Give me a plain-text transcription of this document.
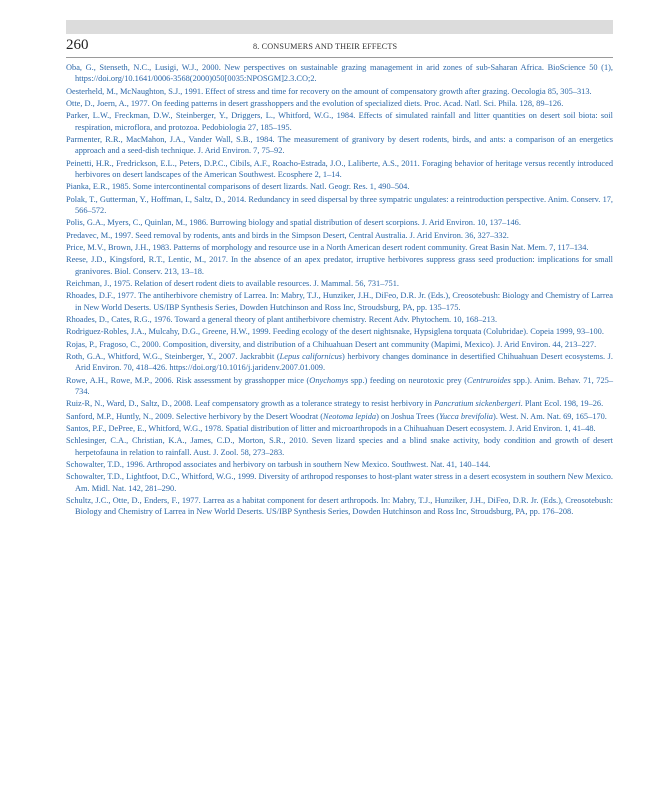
260	8. CONSUMERS AND THEIR EFFECTS

Oba, G., Stenseth, N.C., Lusigi, W.J., 2000. New perspectives on sustainable grazing management in arid zones of sub-Saharan Africa. BioScience 50 (1), https://doi.org/10.1641/0006-3568(2000)050[0035:NPOSGM]2.3.CO;2.

Oesterheld, M., McNaughton, S.J., 1991. Effect of stress and time for recovery on the amount of compensatory growth after grazing. Oecologia 85, 305–313.

Otte, D., Joern, A., 1977. On feeding patterns in desert grasshoppers and the evolution of specialized diets. Proc. Acad. Natl. Sci. Phila. 128, 89–126.

Parker, L.W., Freckman, D.W., Steinberger, Y., Driggers, L., Whitford, W.G., 1984. Effects of simulated rainfall and litter quantities on desert soil biota: soil respiration, microflora, and protozoa. Pedobiologia 27, 185–195.

Parmenter, R.R., MacMahon, J.A., Vander Wall, S.B., 1984. The measurement of granivory by desert rodents, birds, and ants: a comparison of an energetics approach and a seed-dish technique. J. Arid Environ. 7, 75–92.

Peinetti, H.R., Fredrickson, E.L., Peters, D.P.C., Cibils, A.F., Roacho-Estrada, J.O., Laliberte, A.S., 2011. Foraging behavior of heritage versus recently introduced herbivores on desert landscapes of the American Southwest. Ecosphere 2, 1–14.

Pianka, E.R., 1985. Some intercontinental comparisons of desert lizards. Natl. Geogr. Res. 1, 490–504.

Polak, T., Gutterman, Y., Hoffman, I., Saltz, D., 2014. Redundancy in seed dispersal by three sympatric ungulates: a reintroduction perspective. Anim. Conserv. 17, 566–572.

Polis, G.A., Myers, C., Quinlan, M., 1986. Burrowing biology and spatial distribution of desert scorpions. J. Arid Environ. 10, 137–146.

Predavec, M., 1997. Seed removal by rodents, ants and birds in the Simpson Desert, Central Australia. J. Arid Environ. 36, 327–332.

Price, M.V., Brown, J.H., 1983. Patterns of morphology and resource use in a North American desert rodent community. Great Basin Nat. Mem. 7, 117–134.

Reese, J.D., Kingsford, R.T., Lentic, M., 2017. In the absence of an apex predator, irruptive herbivores suppress grass seed production: implications for small granivores. Biol. Conserv. 213, 13–18.

Reichman, J., 1975. Relation of desert rodent diets to available resources. J. Mammal. 56, 731–751.

Rhoades, D.F., 1977. The antiherbivore chemistry of Larrea. In: Mabry, T.J., Hunziker, J.H., DiFeo, D.R. Jr. (Eds.), Creosotebush: Biology and Chemistry of Larrea in New World Deserts. US/IBP Synthesis Series, Dowden Hutchinson and Ross Inc, Stroudsburg, PA, pp. 135–175.

Rhoades, D., Cates, R.G., 1976. Toward a general theory of plant antiherbivore chemistry. Recent Adv. Phytochem. 10, 168–213.

Rodriguez-Robles, J.A., Mulcahy, D.G., Greene, H.W., 1999. Feeding ecology of the desert nightsnake, Hypsiglena torquata (Colubridae). Copeia 1999, 93–100.

Rojas, P., Fragoso, C., 2000. Composition, diversity, and distribution of a Chihuahuan Desert ant community (Mapimi, Mexico). J. Arid Environ. 44, 213–227.

Roth, G.A., Whitford, W.G., Steinberger, Y., 2007. Jackrabbit (Lepus californicus) herbivory changes dominance in desertified Chihuahuan Desert ecosystems. J. Arid Environ. 70, 418–426. https://doi.org/10.1016/j.jaridenv.2007.01.009.

Rowe, A.H., Rowe, M.P., 2006. Risk assessment by grasshopper mice (Onychomys spp.) feeding on neurotoxic prey (Centruroides spp.). Anim. Behav. 71, 725–734.

Ruiz-R, N., Ward, D., Saltz, D., 2008. Leaf compensatory growth as a tolerance strategy to resist herbivory in Pancratium sickenbergeri. Plant Ecol. 198, 19–26.

Sanford, M.P., Huntly, N., 2009. Selective herbivory by the Desert Woodrat (Neotoma lepida) on Joshua Trees (Yucca brevifolia). West. N. Am. Nat. 69, 165–170.

Santos, P.F., DePree, E., Whitford, W.G., 1978. Spatial distribution of litter and microarthropods in a Chihuahuan Desert ecosystem. J. Arid Environ. 1, 41–48.

Schlesinger, C.A., Christian, K.A., James, C.D., Morton, S.R., 2010. Seven lizard species and a blind snake activity, body condition and growth of desert herpetofauna in relation to rainfall. Aust. J. Zool. 58, 273–283.

Schowalter, T.D., 1996. Arthropod associates and herbivory on tarbush in southern New Mexico. Southwest. Nat. 41, 140–144.

Schowalter, T.D., Lightfoot, D.C., Whitford, W.G., 1999. Diversity of arthropod responses to host-plant water stress in a desert ecosystem in southern New Mexico. Am. Midl. Nat. 142, 281–290.

Schultz, J.C., Otte, D., Enders, F., 1977. Larrea as a habitat component for desert arthropods. In: Mabry, T.J., Hunziker, J.H., DiFeo, D.R. Jr. (Eds.), Creosotebush: Biology and Chemistry of Larrea in New World Deserts. US/IBP Synthesis Series, Dowden Hutchinson and Ross Inc, Stroudsburg, PA, pp. 176–208.
